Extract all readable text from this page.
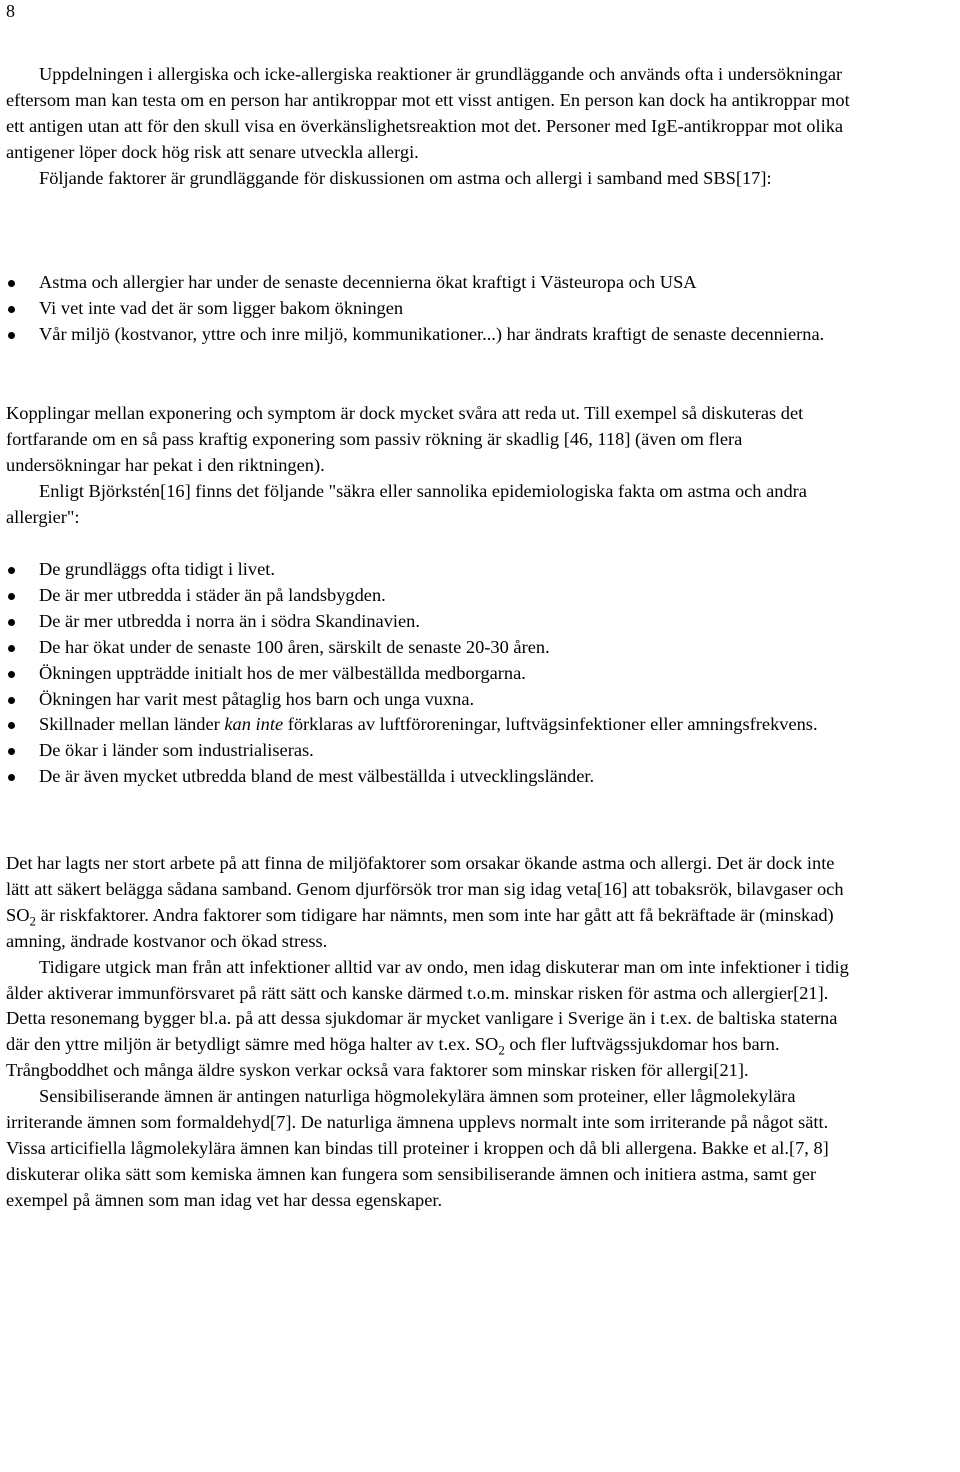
8

Uppdelningen i allergiska och icke-allergiska reaktioner är grundläggande och används ofta i undersökningar eftersom man kan testa om en person har antikroppar mot ett visst antigen. En person kan dock ha antikroppar mot ett antigen utan att för den skull visa en överkänslighetsreaktion mot det. Personer med IgE-antikroppar mot olika antigener löper dock hög risk att senare utveckla allergi.

Följande faktorer är grundläggande för diskussionen om astma och allergi i samband med SBS[17]:

Astma och allergier har under de senaste decennierna ökat kraftigt i Västeuropa och USA
Vi vet inte vad det är som ligger bakom ökningen
Vår miljö (kostvanor, yttre och inre miljö, kommunikationer...) har ändrats kraftigt de senaste decennierna.

Kopplingar mellan exponering och symptom är dock mycket svåra att reda ut. Till exempel så diskuteras det fortfarande om en så pass kraftig exponering som passiv rökning är skadlig [46, 118] (även om flera undersökningar har pekat i den riktningen).

Enligt Björkstén[16] finns det följande "säkra eller sannolika epidemiologiska fakta om astma och andra allergier":

De grundläggs ofta tidigt i livet.
De är mer utbredda i städer än på landsbygden.
De är mer utbredda i norra än i södra Skandinavien.
De har ökat under de senaste 100 åren, särskilt de senaste 20-30 åren.
Ökningen uppträdde initialt hos de mer välbeställda medborgarna.
Ökningen har varit mest påtaglig hos barn och unga vuxna.
Skillnader mellan länder kan inte förklaras av luftföroreningar, luftvägsinfektioner eller amningsfrekvens.
De ökar i länder som industrialiseras.
De är även mycket utbredda bland de mest välbeställda i utvecklingsländer.

Det har lagts ner stort arbete på att finna de miljöfaktorer som orsakar ökande astma och allergi. Det är dock inte lätt att säkert belägga sådana samband. Genom djurförsök tror man sig idag veta[16] att tobaksrök, bilavgaser och $SO_2$ är riskfaktorer. Andra faktorer som tidigare har nämnts, men som inte har gått att få bekräftade är (minskad) amning, ändrade kostvanor och ökad stress.

Tidigare utgick man från att infektioner alltid var av ondo, men idag diskuterar man om inte infektioner i tidig ålder aktiverar immunförsvaret på rätt sätt och kanske därmed t.o.m. minskar risken för astma och allergier[21]. Detta resonemang bygger bl.a. på att dessa sjukdomar är mycket vanligare i Sverige än i t.ex. de baltiska staterna där den yttre miljön är betydligt sämre med höga halter av t.ex. $SO_2$ och fler luftvägssjukdomar hos barn. Trångboddhet och många äldre syskon verkar också vara faktorer som minskar risken för allergi[21].

Sensibiliserande ämnen är antingen naturliga högmolekylära ämnen som proteiner, eller lågmolekylära irriterande ämnen som formaldehyd[7]. De naturliga ämnena upplevs normalt inte som irriterande på något sätt. Vissa articifiella lågmolekylära ämnen kan bindas till proteiner i kroppen och då bli allergena. Bakke et al.[7, 8] diskuterar olika sätt som kemiska ämnen kan fungera som sensibiliserande ämnen och initiera astma, samt ger exempel på ämnen som man idag vet har dessa egenskaper.
